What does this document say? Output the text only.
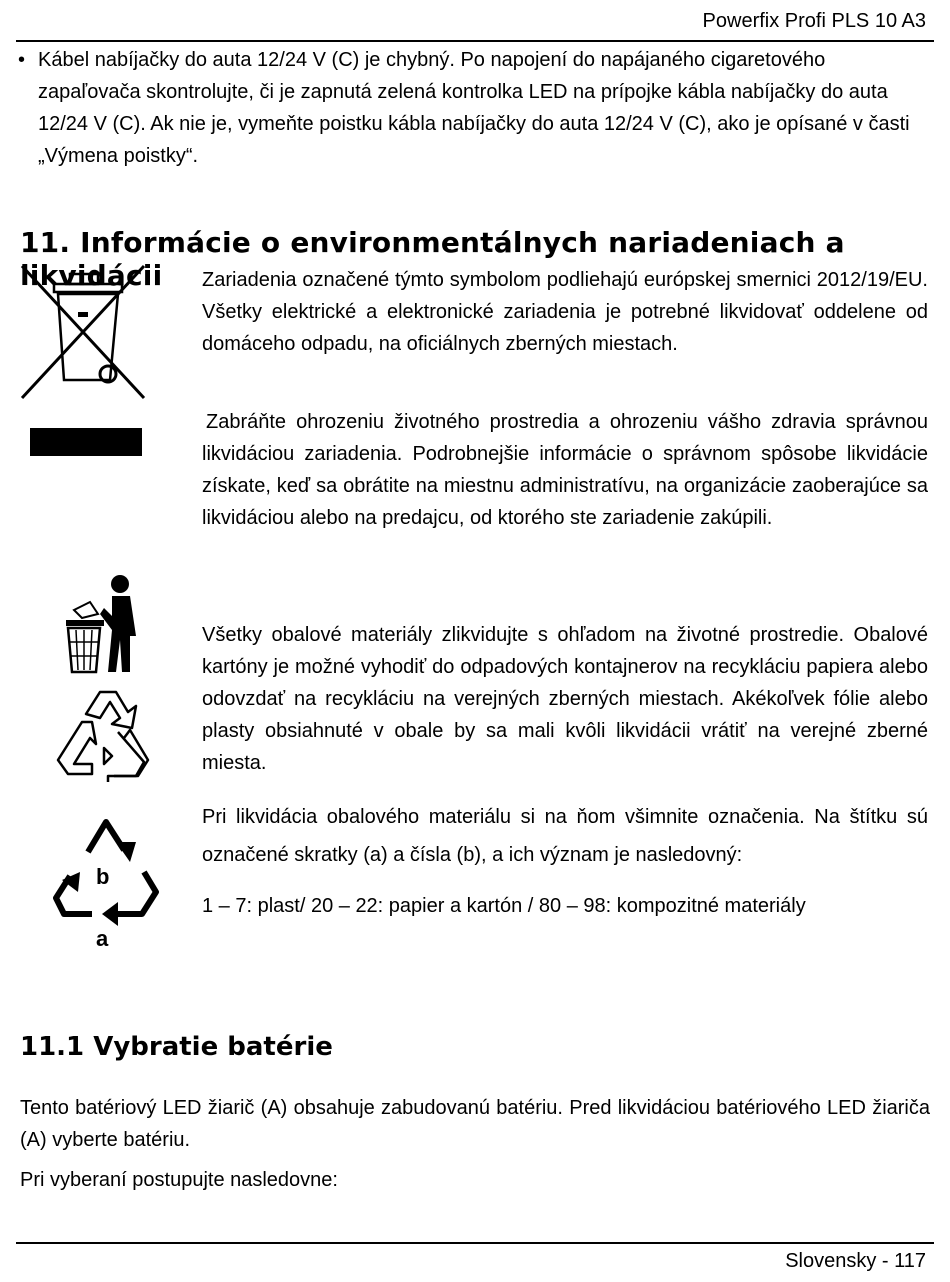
Powerfix Profi PLS 10 A3
• Kábel nabíjačky do auta 12/24 V (C) je chybný. Po napojení do napájaného cigaretového zapaľovača skontrolujte, či je zapnutá zelená kontrolka LED na prípojke kábla nabíjačky do auta 12/24 V (C). Ak nie je, vymeňte poistku kábla nabíjačky do auta 12/24 V (C), ako je opísané v časti „Výmena poistky“.
11. Informácie o environmentálnych nariadeniach a likvidácii	Zariadenia označené týmto symbolom podliehajú európskej smernici 2012/19/EU. Všetky elektrické a elektronické zariadenia je potrebné likvidovať oddelene od domáceho odpadu, na oficiálnych zberných miestach.
Zabráňte ohrozeniu životného prostredia a ohrozeniu vášho zdravia správnou likvidáciou zariadenia. Podrobnejšie informácie o správnom spôsobe likvidácie získate, keď sa obrátite na miestnu administratívu, na organizácie zaoberajúce sa likvidáciou alebo na predajcu, od ktorého ste zariadenie zakúpili.
Všetky obalové materiály zlikvidujte s ohľadom na životné prostredie. Obalové kartóny je možné vyhodiť do odpadových kontajnerov na recykláciu papiera alebo odovzdať na recykláciu na verejných zberných miestach. Akékoľvek fólie alebo plasty obsiahnuté v obale by sa mali kvôli likvidácii vrátiť na verejné zberné miesta.
b
a
Pri likvidácia obalového materiálu si na ňom všimnite označenia. Na štítku sú označené skratky (a) a čísla (b), a ich význam je nasledovný:
1 – 7: plast/ 20 – 22: papier a kartón / 80 – 98: kompozitné materiály
11.1 Vybratie batérie
Tento batériový LED žiarič (A) obsahuje zabudovanú batériu. Pred likvidáciou batériového LED žiariča (A) vyberte batériu.
Pri vyberaní postupujte nasledovne:
Slovensky - 117
